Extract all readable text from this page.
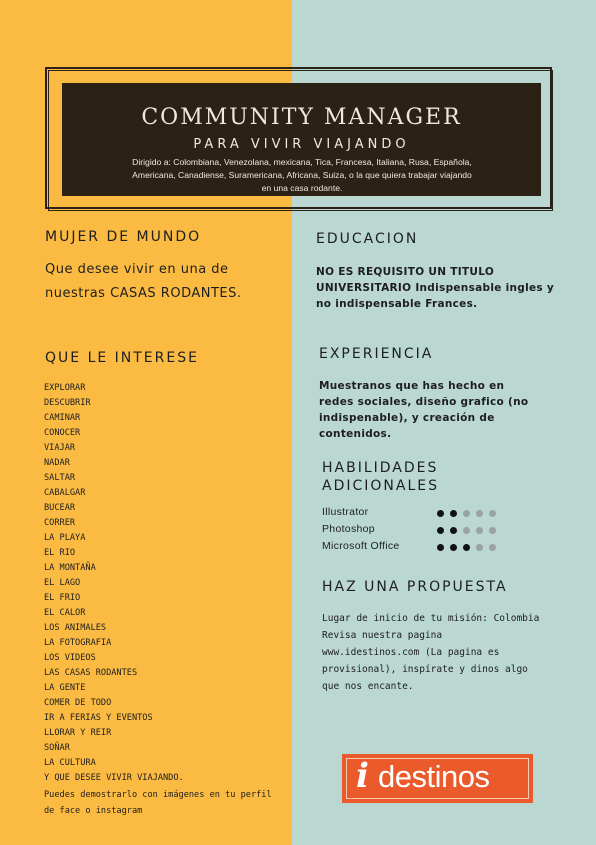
COMMUNITY MANAGER
PARA VIVIR VIAJANDO
Dirigido a: Colombiana, Venezolana, mexicana, Tica, Francesa, Italiana, Rusa, Española, Americana, Canadiense, Suramericana, Africana, Suiza, o la que quiera trabajar viajando en una casa rodante.
MUJER DE MUNDO
Que desee vivir en una de nuestras CASAS RODANTES.
QUE LE INTERESE
EXPLORAR
DESCUBRIR
CAMINAR
CONOCER
VIAJAR
NADAR
SALTAR
CABALGAR
BUCEAR
CORRER
LA PLAYA
EL RIO
LA MONTAÑA
EL LAGO
EL FRIO
EL CALOR
LOS ANIMALES
LA FOTOGRAFIA
LOS VIDEOS
LAS CASAS RODANTES
LA GENTE
COMER DE TODO
IR A FERIAS Y EVENTOS
LLORAR Y REIR
SOÑAR
LA CULTURA
Y QUE DESEE VIVIR VIAJANDO.
Puedes demostrarlo con imágenes en tu perfil de face o instagram
EDUCACION
NO ES REQUISITO UN TITULO UNIVERSITARIO Indispensable ingles y no indispensable Frances.
EXPERIENCIA
Muestranos que has hecho en redes sociales, diseño grafico (no indispenable), y creación de contenidos.
HABILIDADES
ADICIONALES
Illustrator
Photoshop
Microsoft Office
HAZ UNA PROPUESTA
Lugar de inicio de tu misión: Colombia
Revisa nuestra pagina www.idestinos.com (La pagina es provisional), inspírate y dinos algo que nos encante.
i destinos
